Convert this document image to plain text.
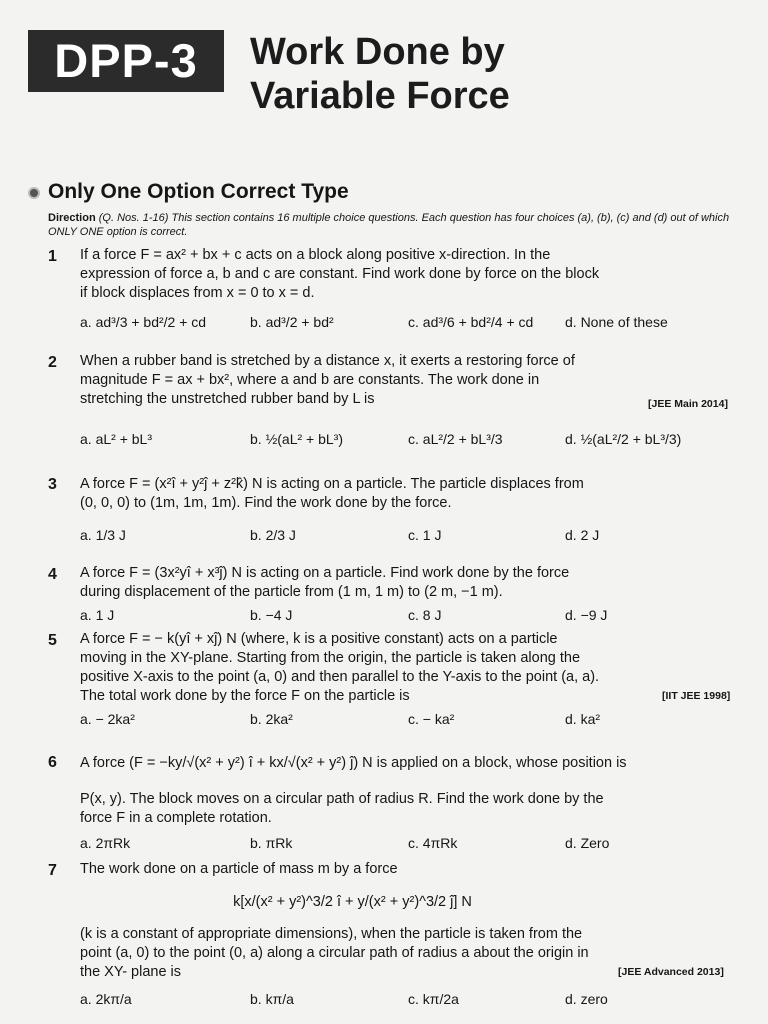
DPP-3	Work Done by
Variable Force
Only One Option Correct Type
Direction (Q. Nos. 1-16) This section contains 16 multiple choice questions. Each question has four choices (a), (b), (c) and (d) out of which ONLY ONE option is correct.
1 If a force F = ax² + bx + c acts on a block along positive x-direction. In the
expression of force a, b and c are constant. Find work done by force on the block
if block displaces from x = 0 to x = d.
a. ad³/3 + bd²/2 + cd	b. ad³/2 + bd²	c. ad³/6 + bd²/4 + cd d. None of these
2 When a rubber band is stretched by a distance x, it exerts a restoring force of
magnitude F = ax + bx², where a and b are constants. The work done in
stretching the unstretched rubber band by L is	[JEE Main 2014]
a. aL² + bL³	b. ½(aL² + bL³)	c. aL²/2 + bL³/3	d. ½(aL²/2 + bL³/3)
3 A force F = (x²î + y²ĵ + z²k̂) N is acting on a particle. The particle displaces from
(0, 0, 0) to (1m, 1m, 1m). Find the work done by the force.
a. 1/3 J	b. 2/3 J	c. 1 J	d. 2 J
4 A force F = (3x²yî + x³ĵ) N is acting on a particle. Find work done by the force
during displacement of the particle from (1 m, 1 m) to (2 m, −1 m).
a. 1 J	b. −4 J	c. 8 J	d. −9 J
5 A force F = − k(yî + xĵ) N (where, k is a positive constant) acts on a particle
moving in the XY-plane. Starting from the origin, the particle is taken along the
positive X-axis to the point (a, 0) and then parallel to the Y-axis to the point (a, a).
The total work done by the force F on the particle is	[IIT JEE 1998]
a. − 2ka²	b. 2ka²	c. − ka²	d. ka²
6 A force (F = −ky/√(x² + y²) î + kx/√(x² + y²) ĵ) N is applied on a block, whose position is
P(x, y). The block moves on a circular path of radius R. Find the work done by the
force F in a complete rotation.
a. 2πRk	b. πRk	c. 4πRk	d. Zero
7 The work done on a particle of mass m by a force
k[x/(x² + y²)^3/2 î + y/(x² + y²)^3/2 ĵ] N
(k is a constant of appropriate dimensions), when the particle is taken from the
point (a, 0) to the point (0, a) along a circular path of radius a about the origin in
the XY- plane is	[JEE Advanced 2013]
a. 2kπ/a	b. kπ/a	c. kπ/2a	d. zero
